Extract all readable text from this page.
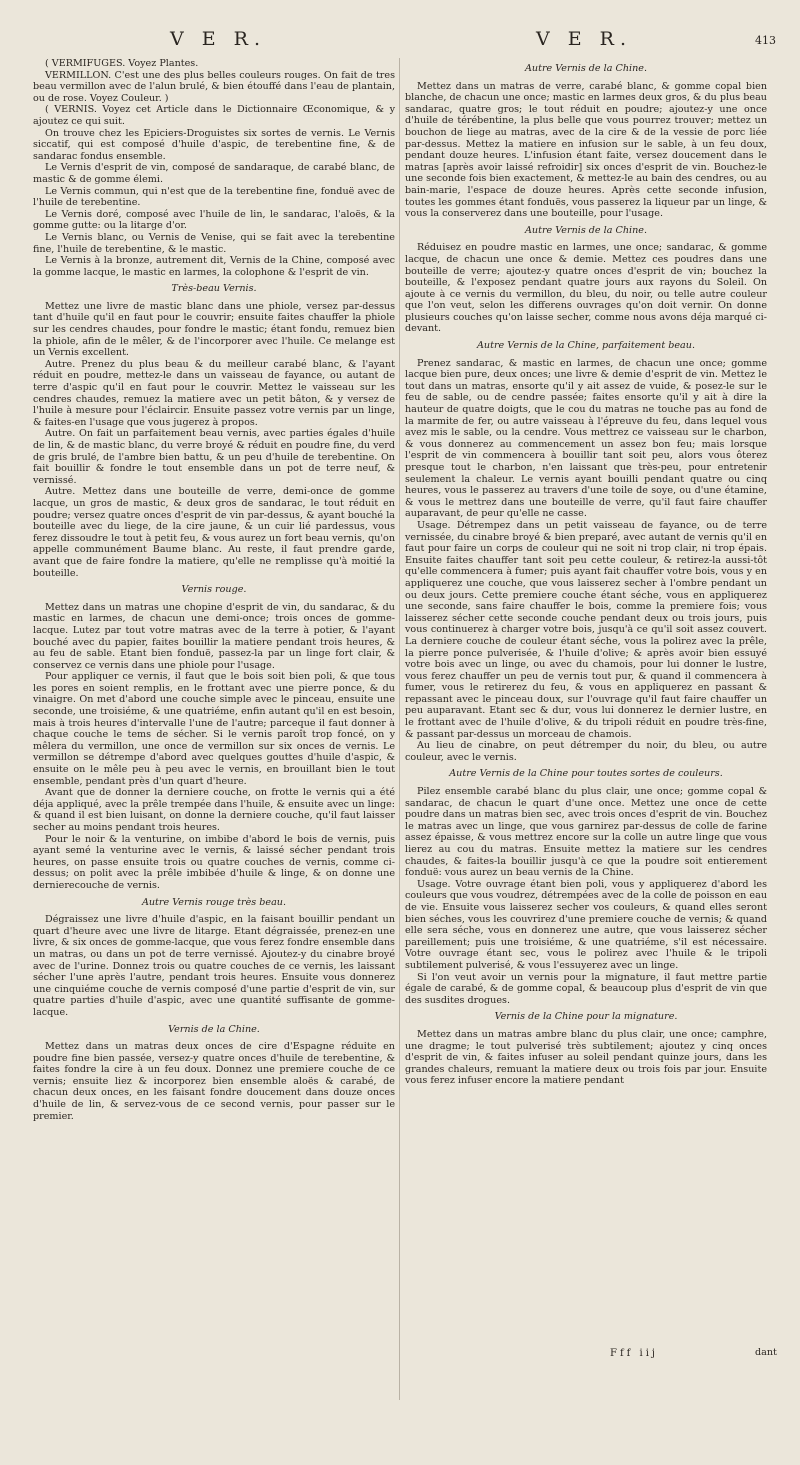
V E R.	V E R.	413

( VERMIFUGES. Voyez Plantes.

VERMILLON. C'est une des plus belles couleurs rouges. On fait de tres beau vermillon avec de l'alun brulé, & bien étouffé dans l'eau de plantain, ou de rose. Voyez Couleur. )

( VERNIS. Voyez cet Article dans le Dictionnaire Œconomique, & y ajoutez ce qui suit.

On trouve chez les Epiciers-Droguistes six sortes de vernis. Le Vernis siccatif, qui est composé d'huile d'aspic, de terebentine fine, & de sandarac fondus ensemble.

Le Vernis d'esprit de vin, composé de sandaraque, de carabé blanc, de mastic & de gomme élemi.

Le Vernis commun, qui n'est que de la terebentine fine, fonduë avec de l'huile de terebentine.

Le Vernis doré, composé avec l'huile de lin, le sandarac, l'aloës, & la gomme gutte: ou la litarge d'or.

Le Vernis blanc, ou Vernis de Venise, qui se fait avec la terebentine fine, l'huile de terebentine, & le mastic.

Le Vernis à la bronze, autrement dit, Vernis de la Chine, composé avec la gomme lacque, le mastic en larmes, la colophone & l'esprit de vin.

Très-beau Vernis.

Mettez une livre de mastic blanc dans une phiole, versez par-dessus tant d'huile qu'il en faut pour le couvrir; ensuite faites chauffer la phiole sur les cendres chaudes, pour fondre le mastic; étant fondu, remuez bien la phiole, afin de le mêler, & de l'incorporer avec l'huile. Ce melange est un Vernis excellent.

Autre. Prenez du plus beau & du meilleur carabé blanc, & l'ayant réduit en poudre, mettez-le dans un vaisseau de fayance, ou autant de terre d'aspic qu'il en faut pour le couvrir. Mettez le vaisseau sur les cendres chaudes, remuez la matiere avec un petit bâton, & y versez de l'huile à mesure pour l'éclaircir. Ensuite passez votre vernis par un linge, & faites-en l'usage que vous jugerez à propos.

Autre. On fait un parfaitement beau vernis, avec parties égales d'huile de lin, & de mastic blanc, du verre broyé & réduit en poudre fine, du verd de gris brulé, de l'ambre bien battu, & un peu d'huile de terebentine. On fait bouillir & fondre le tout ensemble dans un pot de terre neuf, & vernissé.

Autre. Mettez dans une bouteille de verre, demi-once de gomme lacque, un gros de mastic, & deux gros de sandarac, le tout réduit en poudre; versez quatre onces d'esprit de vin par-dessus, & ayant bouché la bouteille avec du liege, de la cire jaune, & un cuir lié pardessus, vous ferez dissoudre le tout à petit feu, & vous aurez un fort beau vernis, qu'on appelle communément Baume blanc. Au reste, il faut prendre garde, avant que de faire fondre la matiere, qu'elle ne remplisse qu'à moitié la bouteille.

Vernis rouge.

Mettez dans un matras une chopine d'esprit de vin, du sandarac, & du mastic en larmes, de chacun une demi-once; trois onces de gomme-lacque. Lutez par tout votre matras avec de la terre à potier, & l'ayant bouché avec du papier, faites bouillir la matiere pendant trois heures, & au feu de sable. Etant bien fonduë, passez-la par un linge fort clair, & conservez ce vernis dans une phiole pour l'usage.

Pour appliquer ce vernis, il faut que le bois soit bien poli, & que tous les pores en soient remplis, en le frottant avec une pierre ponce, & du vinaigre. On met d'abord une couche simple avec le pinceau, ensuite une seconde, une troisiéme, & une quatriéme, enfin autant qu'il en est besoin, mais à trois heures d'intervalle l'une de l'autre; parceque il faut donner à chaque couche le tems de sécher. Si le vernis paroît trop foncé, on y mêlera du vermillon, une once de vermillon sur six onces de vernis. Le vermillon se détrempe d'abord avec quelques gouttes d'huile d'aspic, & ensuite on le mêle peu à peu avec le vernis, en brouillant bien le tout ensemble, pendant près d'un quart d'heure.

Avant que de donner la derniere couche, on frotte le vernis qui a été déja appliqué, avec la prêle trempée dans l'huile, & ensuite avec un linge: & quand il est bien luisant, on donne la derniere couche, qu'il faut laisser secher au moins pendant trois heures.

Pour le noir & la venturine, on imbibe d'abord le bois de vernis, puis ayant semé la venturine avec le vernis, & laissé sécher pendant trois heures, on passe ensuite trois ou quatre couches de vernis, comme ci-dessus; on polit avec la prêle imbibée d'huile & linge, & on donne une dernierecouche de vernis.

Autre Vernis rouge très beau.

Dégraissez une livre d'huile d'aspic, en la faisant bouillir pendant un quart d'heure avec une livre de litarge. Etant dégraissée, prenez-en une livre, & six onces de gomme-lacque, que vous ferez fondre ensemble dans un matras, ou dans un pot de terre vernissé. Ajoutez-y du cinabre broyé avec de l'urine. Donnez trois ou quatre couches de ce vernis, les laissant sécher l'une après l'autre, pendant trois heures. Ensuite vous donnerez une cinquiéme couche de vernis composé d'une partie d'esprit de vin, sur quatre parties d'huile d'aspic, avec une quantité suffisante de gomme-lacque.

Vernis de la Chine.

Mettez dans un matras deux onces de cire d'Espagne réduite en poudre fine bien passée, versez-y quatre onces d'huile de terebentine, & faites fondre la cire à un feu doux. Donnez une premiere couche de ce vernis; ensuite liez & incorporez bien ensemble aloës & carabé, de chacun deux onces, en les faisant fondre doucement dans douze onces d'huile de lin, & servez-vous de ce second vernis, pour passer sur le premier.

Autre Vernis de la Chine.

Mettez dans un matras de verre, carabé blanc, & gomme copal bien blanche, de chacun une once; mastic en larmes deux gros, & du plus beau sandarac, quatre gros; le tout réduit en poudre; ajoutez-y une once d'huile de térébentine, la plus belle que vous pourrez trouver; mettez un bouchon de liege au matras, avec de la cire & de la vessie de porc liée par-dessus. Mettez la matiere en infusion sur le sable, à un feu doux, pendant douze heures. L'infusion étant faite, versez doucement dans le matras [après avoir laissé refroidir] six onces d'esprit de vin. Bouchez-le une seconde fois bien exactement, & mettez-le au bain des cendres, ou au bain-marie, l'espace de douze heures. Après cette seconde infusion, toutes les gommes étant fonduës, vous passerez la liqueur par un linge, & vous la conserverez dans une bouteille, pour l'usage.

Autre Vernis de la Chine.

Réduisez en poudre mastic en larmes, une once; sandarac, & gomme lacque, de chacun une once & demie. Mettez ces poudres dans une bouteille de verre; ajoutez-y quatre onces d'esprit de vin; bouchez la bouteille, & l'exposez pendant quatre jours aux rayons du Soleil. On ajoute à ce vernis du vermillon, du bleu, du noir, ou telle autre couleur que l'on veut, selon les differens ouvrages qu'on doit vernir. On donne plusieurs couches qu'on laisse secher, comme nous avons déja marqué ci-devant.

Autre Vernis de la Chine, parfaitement beau.

Prenez sandarac, & mastic en larmes, de chacun une once; gomme lacque bien pure, deux onces; une livre & demie d'esprit de vin. Mettez le tout dans un matras, ensorte qu'il y ait assez de vuide, & posez-le sur le feu de sable, ou de cendre passée; faites ensorte qu'il y ait à dire la hauteur de quatre doigts, que le cou du matras ne touche pas au fond de la marmite de fer, ou autre vaisseau à l'épreuve du feu, dans lequel vous avez mis le sable, ou la cendre. Vous mettrez ce vaisseau sur le charbon, & vous donnerez au commencement un assez bon feu; mais lorsque l'esprit de vin commencera à bouillir tant soit peu, alors vous ôterez presque tout le charbon, n'en laissant que très-peu, pour entretenir seulement la chaleur. Le vernis ayant bouilli pendant quatre ou cinq heures, vous le passerez au travers d'une toile de soye, ou d'une étamine, & vous le mettrez dans une bouteille de verre, qu'il faut faire chauffer auparavant, de peur qu'elle ne casse.

Usage. Détrempez dans un petit vaisseau de fayance, ou de terre vernissée, du cinabre broyé & bien preparé, avec autant de vernis qu'il en faut pour faire un corps de couleur qui ne soit ni trop clair, ni trop épais. Ensuite faites chauffer tant soit peu cette couleur, & retirez-la aussi-tôt qu'elle commencera à fumer; puis ayant fait chauffer votre bois, vous y en appliquerez une couche, que vous laisserez secher à l'ombre pendant un ou deux jours. Cette premiere couche étant séche, vous en appliquerez une seconde, sans faire chauffer le bois, comme la premiere fois; vous laisserez sécher cette seconde couche pendant deux ou trois jours, puis vous continuerez à charger votre bois, jusqu'à ce qu'il soit assez couvert. La derniere couche de couleur étant séche, vous la polirez avec la prêle, la pierre ponce pulverisée, & l'huile d'olive; & après avoir bien essuyé votre bois avec un linge, ou avec du chamois, pour lui donner le lustre, vous ferez chauffer un peu de vernis tout pur, & quand il commencera à fumer, vous le retirerez du feu, & vous en appliquerez en passant & repassant avec le pinceau doux, sur l'ouvrage qu'il faut faire chauffer un peu auparavant. Etant sec & dur, vous lui donnerez le dernier lustre, en le frottant avec de l'huile d'olive, & du tripoli réduit en poudre très-fine, & passant par-dessus un morceau de chamois.

Au lieu de cinabre, on peut détremper du noir, du bleu, ou autre couleur, avec le vernis.

Autre Vernis de la Chine pour toutes sortes de couleurs.

Pilez ensemble carabé blanc du plus clair, une once; gomme copal & sandarac, de chacun le quart d'une once. Mettez une once de cette poudre dans un matras bien sec, avec trois onces d'esprit de vin. Bouchez le matras avec un linge, que vous garnirez par-dessus de colle de farine assez épaisse, & vous mettrez encore sur la colle un autre linge que vous lierez au cou du matras. Ensuite mettez la matiere sur les cendres chaudes, & faites-la bouillir jusqu'à ce que la poudre soit entierement fonduë: vous aurez un beau vernis de la Chine.

Usage. Votre ouvrage étant bien poli, vous y appliquerez d'abord les couleurs que vous voudrez, détrempées avec de la colle de poisson en eau de vie. Ensuite vous laisserez secher vos couleurs, & quand elles seront bien séches, vous les couvrirez d'une premiere couche de vernis; & quand elle sera séche, vous en donnerez une autre, que vous laisserez sécher pareillement; puis une troisiéme, & une quatriéme, s'il est nécessaire. Votre ouvrage étant sec, vous le polirez avec l'huile & le tripoli subtilement pulverisé, & vous l'essuyerez avec un linge.

Si l'on veut avoir un vernis pour la mignature, il faut mettre partie égale de carabé, & de gomme copal, & beaucoup plus d'esprit de vin que des susdites drogues.

Vernis de la Chine pour la mignature.

Mettez dans un matras ambre blanc du plus clair, une once; camphre, une dragme; le tout pulverisé très subtilement; ajoutez y cinq onces d'esprit de vin, & faites infuser au soleil pendant quinze jours, dans les grandes chaleurs, remuant la matiere deux ou trois fois par jour. Ensuite vous ferez infuser encore la matiere pendant

Fff iij	dant
